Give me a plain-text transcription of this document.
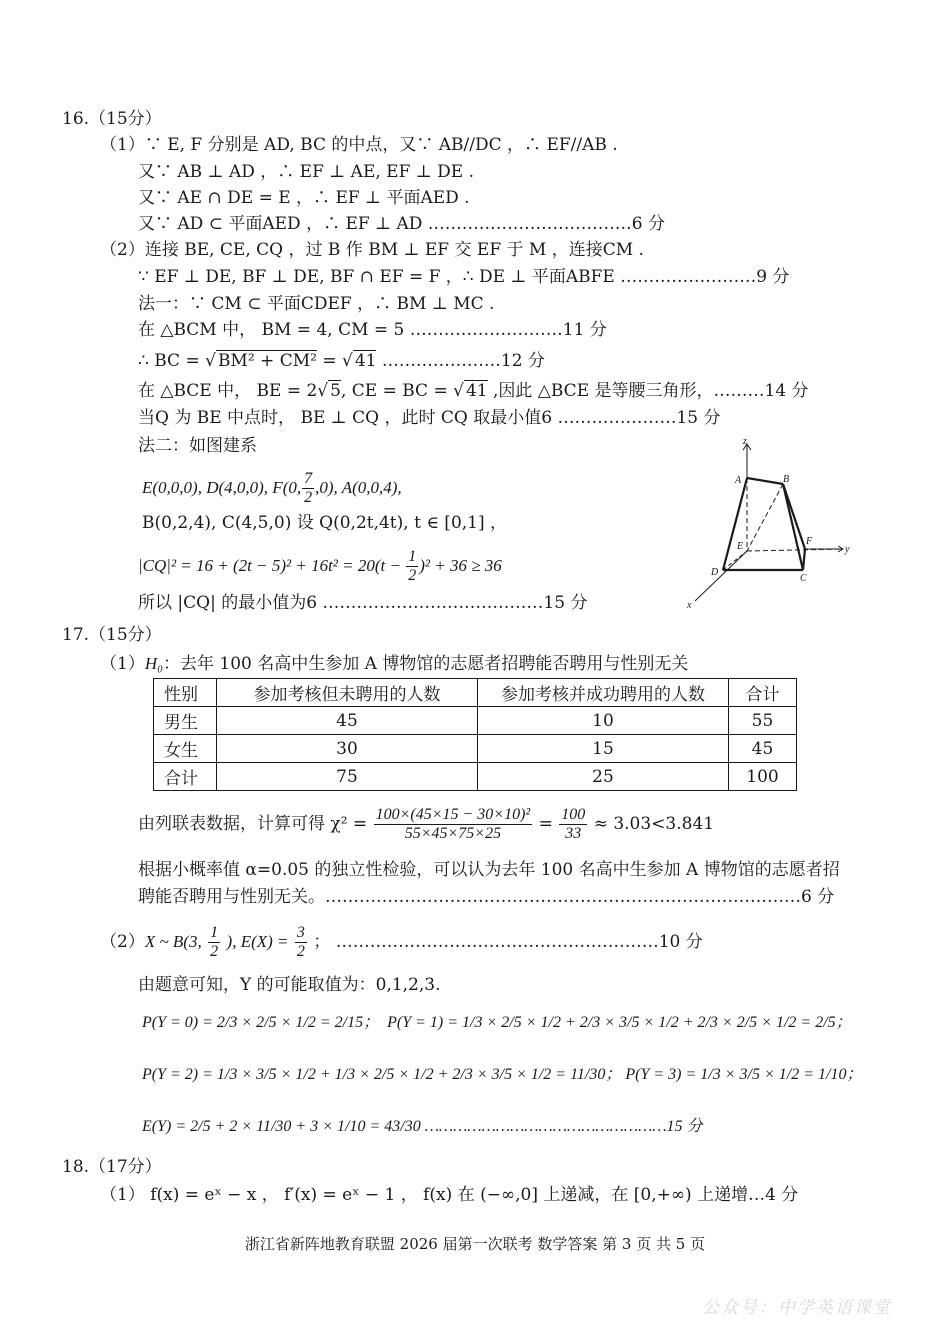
16.（15分）
（1）∵ E, F 分别是 AD, BC 的中点，又∵ AB//DC ，∴ EF//AB .
又∵ AB ⊥ AD ，∴ EF ⊥ AE, EF ⊥ DE .
又∵ AE ∩ DE = E ，∴ EF ⊥ 平面AED .
又∵ AD ⊂ 平面AED ，∴ EF ⊥ AD ………………………………6 分
（2）连接 BE, CE, CQ ，过 B 作 BM ⊥ EF 交 EF 于 M ，连接CM .
∵ EF ⊥ DE, BF ⊥ DE, BF ∩ EF = F ，∴ DE ⊥ 平面ABFE ……………………9 分
法一：∵ CM ⊂ 平面CDEF ，∴ BM ⊥ MC .
在 △BCM 中， BM = 4, CM = 5 ………………………11 分
∴ BC = √ BM² + CM² = √ 41 …………………12 分
在 △BCE 中， BE = 2√ 5, CE = BC = √ 41 ,因此 △BCE 是等腰三角形，………14 分
当Q 为 BE 中点时， BE ⊥ CQ ，此时 CQ 取最小值6 …………………15 分
法二：如图建系
E(0,0,0), D(4,0,0), F(0, $\frac{7}{2} ,0$), A(0,0,4),
B(0,2,4), C(4,5,0) 设 Q(0,2t,4t), t ∈ [0,1] ，
$|CQ|^2 = 16 + (2t - 5)^2 + 16t^2 = 20(t - \frac{1}{2} )^2 + 36 \ge 36$
所以 |CQ| 的最小值为6 …………………………………15 分
z
y
x
A	B
E	F
D
C
17.（15分）
（1）H₀：去年 100 名高中生参加 A 博物馆的志愿者招聘能否聘用与性别无关
性别	参加考核但未聘用的人数	参加考核并成功聘用的人数	合计
男生	45	10	55
女生	30	15	45
合计	75	25	100
由列联表数据，计算可得 $\chi^2 = \frac{\text{100×(45×15 − 30×10)²}}{55\times 45\times 75\times 25} = \frac{100}{33} \approx 3.03<3.841$
根据小概率值 α=0.05 的独立性检验，可以认为去年 100 名高中生参加 A 博物馆的志愿者招
聘能否聘用与性别无关。…………………………………………………………………………6 分
（2）X ~ B(3, $\frac{1}{2}$ ), $E(X) = \frac{3}{2}$ ； …………………………………………………10 分
由题意可知，Y 的可能取值为：0,1,2,3.
P(Y = 0) = 2/3 × 2/5 × 1/2 = 2/15； P(Y = 1) = 1/3 × 2/5 × 1/2 + 2/3 × 3/5 × 1/2 + 2/3 × 2/5 × 1/2 = 2/5；
P(Y = 2) = 1/3 × 3/5 × 1/2 + 1/3 × 2/5 × 1/2 + 2/3 × 3/5 × 1/2 = 11/30； P(Y = 3) = 1/3 × 3/5 × 1/2 = 1/10；
E(Y) = 2/5 + 2 × 11/30 + 3 × 1/10 = 43/30 ……………………………………………15 分
18.（17分）
（1） f(x) = eˣ − x ， f′(x) = eˣ − 1 ， f(x) 在 (−∞,0] 上递减，在 [0,+∞) 上递增…4 分
浙江省新阵地教育联盟 2026 届第一次联考 数学答案 第 3 页 共 5 页
公众号：中学英语课堂
